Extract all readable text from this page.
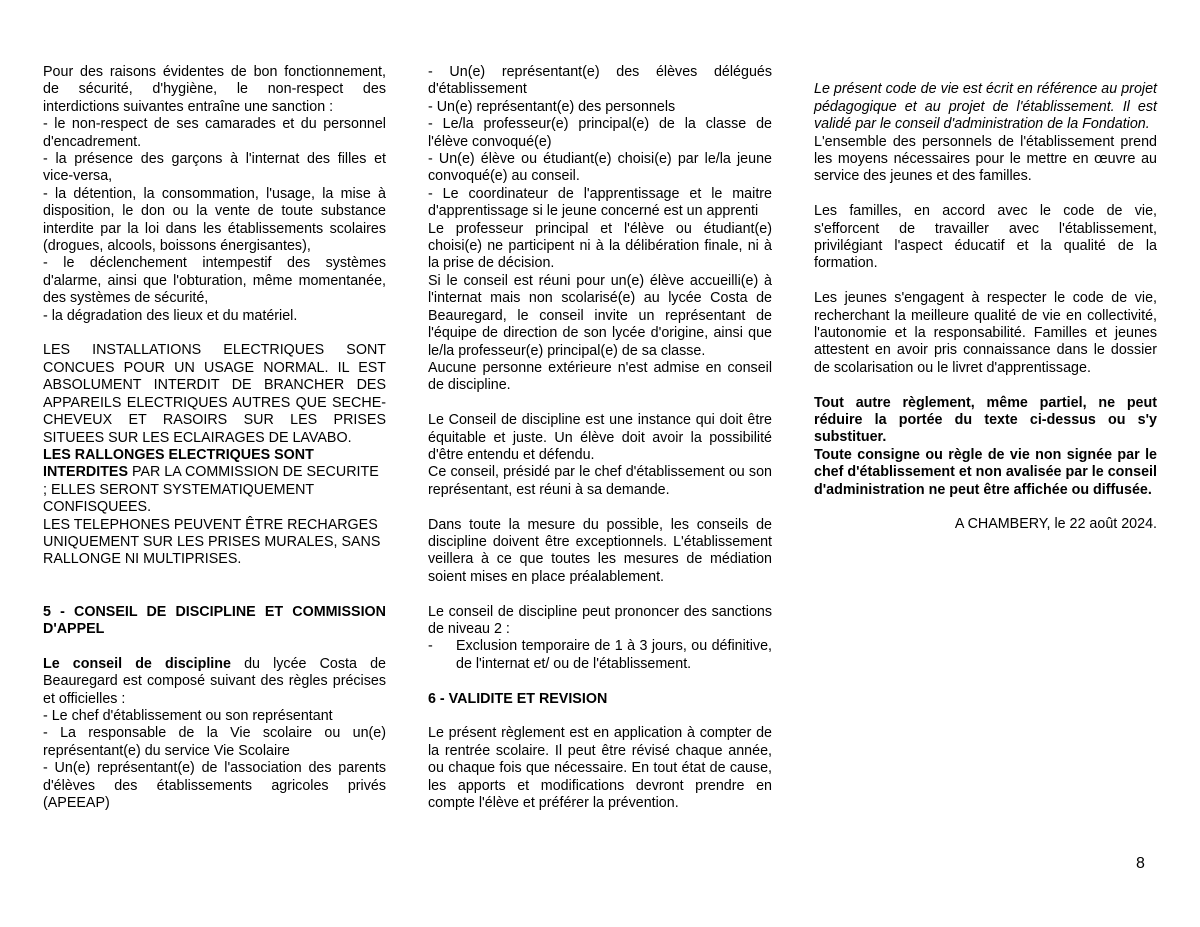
Pour des raisons évidentes de bon fonctionnement, de sécurité, d'hygiène, le non-respect des interdictions suivantes entraîne une sanction :

- le non-respect de ses camarades et du personnel d'encadrement.

- la présence des garçons à l'internat des filles et vice-versa,

- la détention, la consommation, l'usage, la mise à disposition, le don ou la vente de toute substance interdite par la loi dans les établissements scolaires (drogues, alcools, boissons énergisantes),

- le déclenchement intempestif des systèmes d'alarme, ainsi que l'obturation, même momentanée, des systèmes de sécurité,

- la dégradation des lieux et du matériel.

LES INSTALLATIONS ELECTRIQUES SONT CONCUES POUR UN USAGE NORMAL. IL EST ABSOLUMENT INTERDIT DE BRANCHER DES APPAREILS ELECTRIQUES AUTRES QUE SECHE-CHEVEUX ET RASOIRS SUR LES PRISES SITUEES SUR LES ECLAIRAGES DE LAVABO.

LES RALLONGES ELECTRIQUES SONT INTERDITES PAR LA COMMISSION DE SECURITE ; ELLES SERONT SYSTEMATIQUEMENT CONFISQUEES.

LES TELEPHONES PEUVENT ÊTRE RECHARGES UNIQUEMENT SUR LES PRISES MURALES, SANS RALLONGE NI MULTIPRISES.

5 - CONSEIL DE DISCIPLINE ET COMMISSION D'APPEL

Le conseil de discipline du lycée Costa de Beauregard est composé suivant des règles précises et officielles :

- Le chef d'établissement ou son représentant

- La responsable de la Vie scolaire ou un(e) représentant(e) du service Vie Scolaire

- Un(e) représentant(e) de l'association des parents d'élèves des établissements agricoles privés (APEEAP)

- Un(e) représentant(e) des élèves délégués d'établissement

- Un(e) représentant(e) des personnels

- Le/la professeur(e) principal(e) de la classe de l'élève convoqué(e)

- Un(e) élève ou étudiant(e) choisi(e) par le/la jeune convoqué(e) au conseil.

- Le coordinateur de l'apprentissage et le maitre d'apprentissage si le jeune concerné est un apprenti

Le professeur principal et l'élève ou étudiant(e) choisi(e) ne participent ni à la délibération finale, ni à la prise de décision.

Si le conseil est réuni pour un(e) élève accueilli(e) à l'internat mais non scolarisé(e) au lycée Costa de Beauregard, le conseil invite un représentant de l'équipe de direction de son lycée d'origine, ainsi que le/la professeur(e) principal(e) de sa classe.

Aucune personne extérieure n'est admise en conseil de discipline.

Le Conseil de discipline est une instance qui doit être équitable et juste. Un élève doit avoir la possibilité d'être entendu et défendu.

Ce conseil, présidé par le chef d'établissement ou son représentant, est réuni à sa demande.

Dans toute la mesure du possible, les conseils de discipline doivent être exceptionnels. L'établissement veillera à ce que toutes les mesures de médiation soient mises en place préalablement.

Le conseil de discipline peut prononcer des sanctions de niveau 2 :

-	Exclusion temporaire de 1 à 3 jours, ou définitive, de l'internat et/ ou de l'établissement.

6 - VALIDITE ET REVISION

Le présent règlement est en application à compter de la rentrée scolaire. Il peut être révisé chaque année, ou chaque fois que nécessaire. En tout état de cause, les apports et modifications devront prendre en compte l'élève et préférer la prévention.

Le présent code de vie est écrit en référence au projet pédagogique et au projet de l'établissement. Il est validé par le conseil d'administration de la Fondation.

L'ensemble des personnels de l'établissement prend les moyens nécessaires pour le mettre en œuvre au service des jeunes et des familles.

Les familles, en accord avec le code de vie, s'efforcent de travailler avec l'établissement, privilégiant l'aspect éducatif et la qualité de la formation.

Les jeunes s'engagent à respecter le code de vie, recherchant la meilleure qualité de vie en collectivité, l'autonomie et la responsabilité. Familles et jeunes attestent en avoir pris connaissance dans le dossier de scolarisation ou le livret d'apprentissage.

Tout autre règlement, même partiel, ne peut réduire la portée du texte ci-dessus ou s'y substituer.

Toute consigne ou règle de vie non signée par le chef d'établissement et non avalisée par le conseil d'administration ne peut être affichée ou diffusée.

A CHAMBERY, le 22 août 2024.

8
